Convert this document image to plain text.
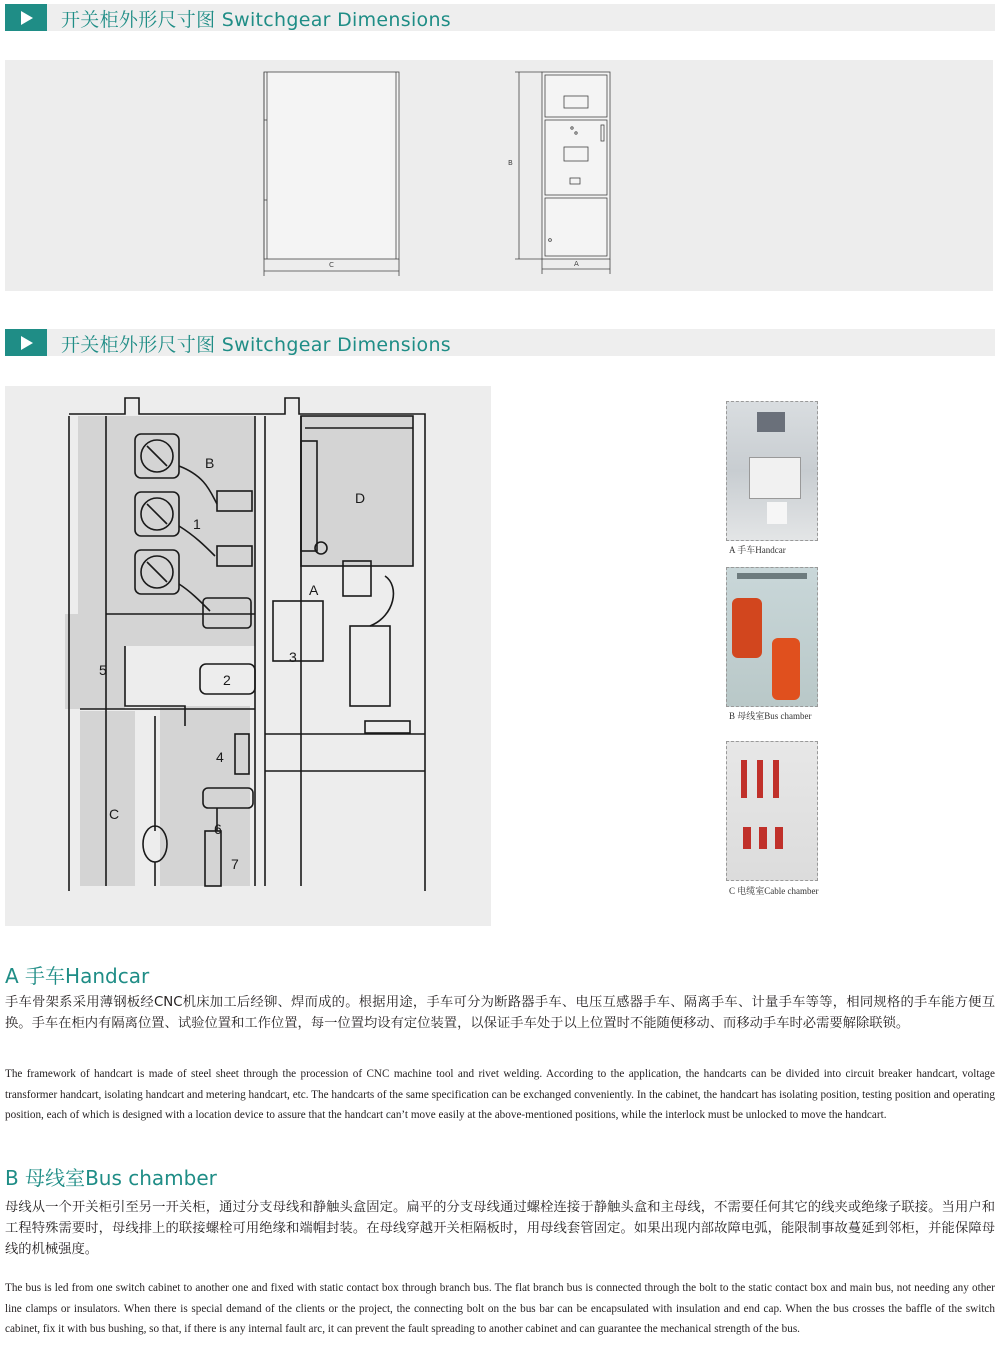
开关柜外形尺寸图 Switchgear Dimensions
C
B
A
开关柜外形尺寸图 Switchgear Dimensions
B
D
A
C
1
2
3
4
5
6
7
A 手车Handcar
B 母线室Bus chamber
C 电缆室Cable chamber
A 手车Handcar
手车骨架系采用薄钢板经CNC机床加工后经铆、焊而成的。根据用途，手车可分为断路器手车、电压互感器手车、隔离手车、计量手车等等，相同规格的手车能方便互换。手车在柜内有隔离位置、试验位置和工作位置，每一位置均设有定位装置，以保证手车处于以上位置时不能随便移动、而移动手车时必需要解除联锁。
The framework of handcart is made of steel sheet through the procession of CNC machine tool and rivet welding. According to the application, the handcarts can be divided into circuit breaker handcart, voltage transformer handcart, isolating handcart and metering handcart, etc. The handcarts of the same specification can be exchanged conveniently. In the cabinet, the handcart has isolating position, testing position and operating position, each of which is designed with a location device to assure that the handcart can’t move easily at the above-mentioned positions, while the interlock must be unlocked to move the handcart.
B 母线室Bus chamber
母线从一个开关柜引至另一开关柜，通过分支母线和静触头盒固定。扁平的分支母线通过螺栓连接于静触头盒和主母线，不需要任何其它的线夹或绝缘子联接。当用户和工程特殊需要时，母线排上的联接螺栓可用绝缘和端帽封装。在母线穿越开关柜隔板时，用母线套管固定。如果出现内部故障电弧，能限制事故蔓延到邻柜，并能保障母线的机械强度。
The bus is led from one switch cabinet to another one and fixed with static contact box through branch bus. The flat branch bus is connected through the bolt to the static contact box and main bus, not needing any other line clamps or insulators. When there is special demand of the clients or the project, the connecting bolt on the bus bar can be encapsulated with insulation and end cap. When the bus crosses the baffle of the switch cabinet, fix it with bus bushing, so that, if there is any internal fault arc, it can prevent the fault spreading to another cabinet and can guarantee the mechanical strength of the bus.
